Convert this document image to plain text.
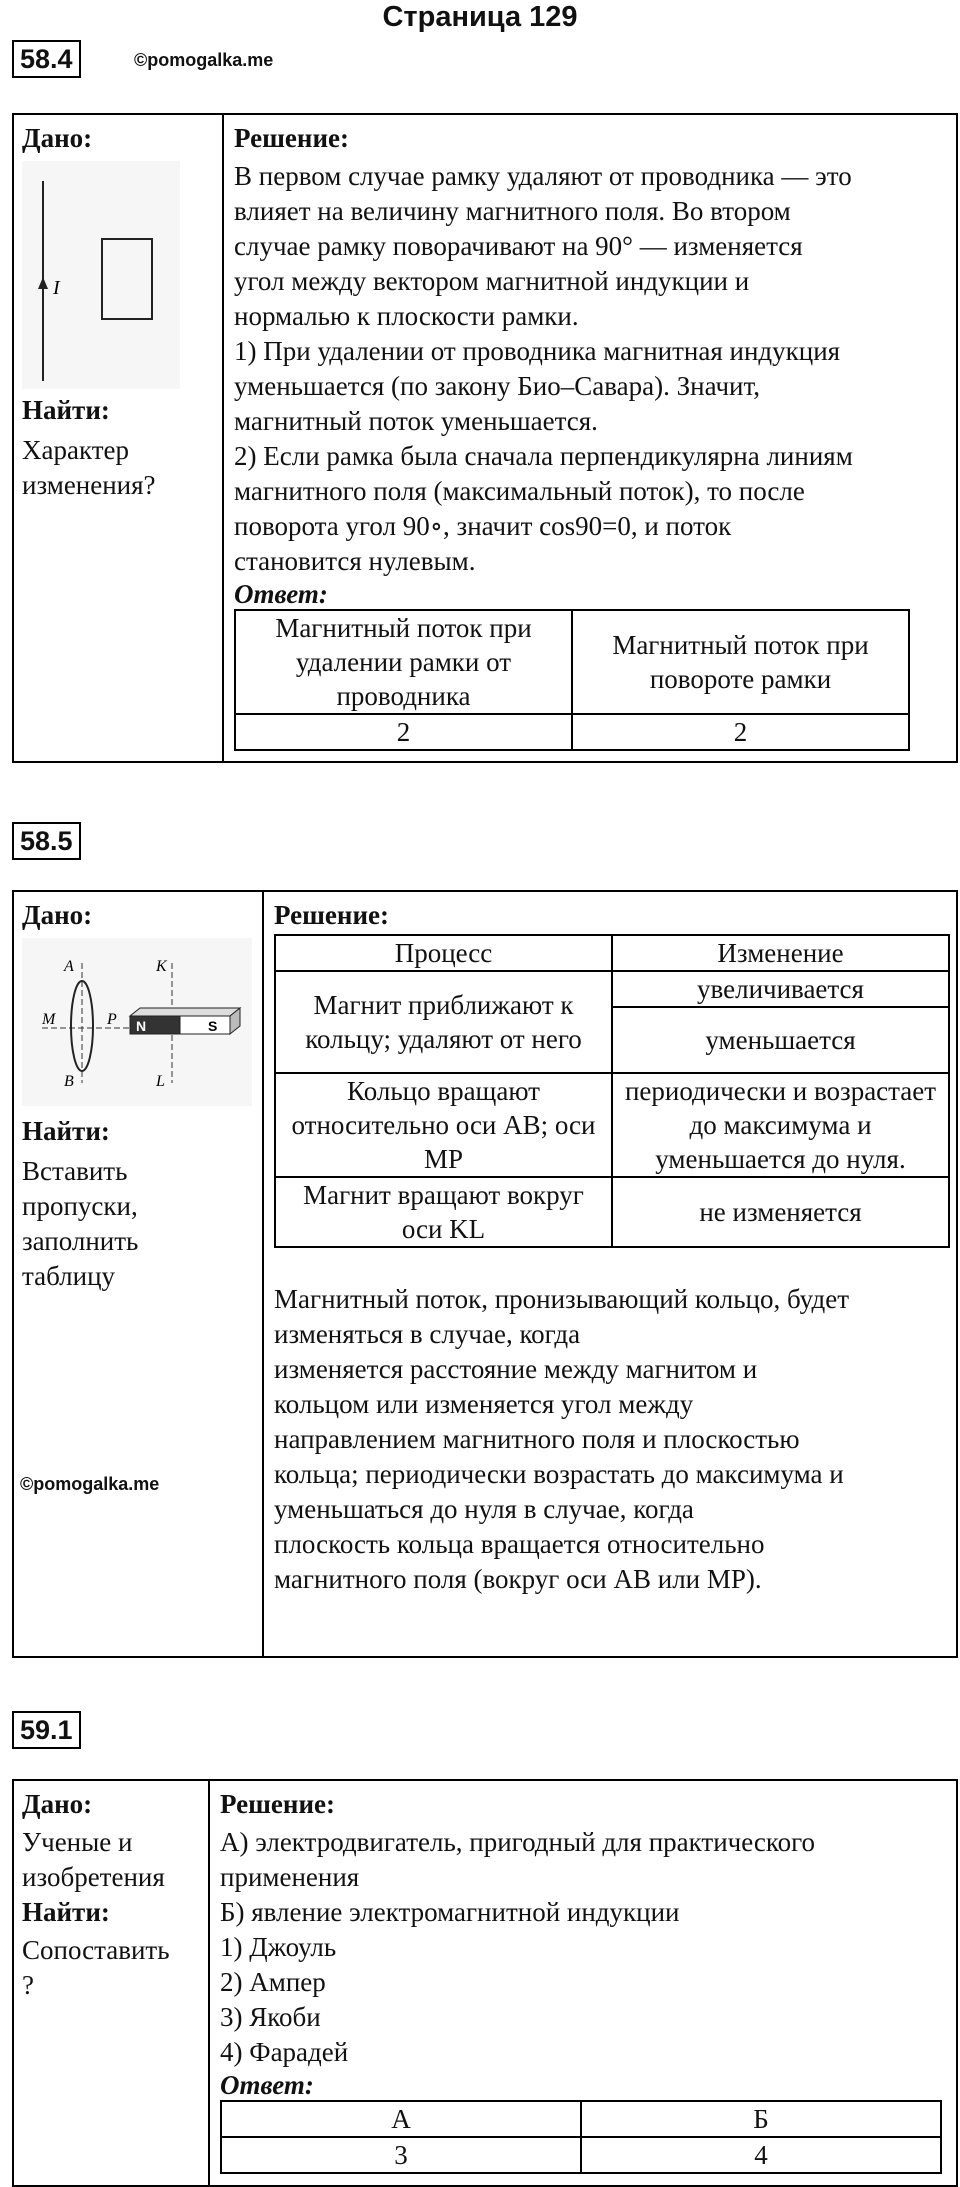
Страница 129
58.4	©pomogalka.me
Дано:
I
Найти:
Характер
изменения?
Решение:
В первом случае рамку удаляют от проводника — это
влияет на величину магнитного поля. Во втором
случае рамку поворачивают на 90° — изменяется
угол между вектором магнитной индукции и
нормалью к плоскости рамки.
1) При удалении от проводника магнитная индукция
уменьшается (по закону Био–Савара). Значит,
магнитный поток уменьшается.
2) Если рамка была сначала перпендикулярна линиям
магнитного поля (максимальный поток), то после
поворота угол 90∘, значит cos90=0, и поток
становится нулевым.
Ответ:
Магнитный поток при удалении рамки от проводника	Магнитный поток при повороте рамки
2	2
58.5
Дано:
N	S
A
B
M	P
K
L
Найти:
Вставить
пропуски,
заполнить
таблицу
©pomogalka.me
Решение:
Процесс	Изменение
Магнит приближают к кольцу; удаляют от него	увеличивается
	уменьшается
Кольцо вращают относительно оси АВ; оси МР	периодически и возрастает до максимума и уменьшается до нуля.
Магнит вращают вокруг оси KL	не изменяется
Магнитный поток, пронизывающий кольцо, будет
изменяться в случае, когда
изменяется расстояние между магнитом и
кольцом или изменяется угол между
направлением магнитного поля и плоскостью
кольца; периодически возрастать до максимума и
уменьшаться до нуля в случае, когда
плоскость кольца вращается относительно
магнитного поля (вокруг оси AB или MP).
59.1
Дано:
Ученые и
изобретения
Найти:
Сопоставить
?
Решение:
А) электродвигатель, пригодный для практического
применения
Б) явление электромагнитной индукции
1) Джоуль
2) Ампер
3) Якоби
4) Фарадей
Ответ:
А	Б
3	4
